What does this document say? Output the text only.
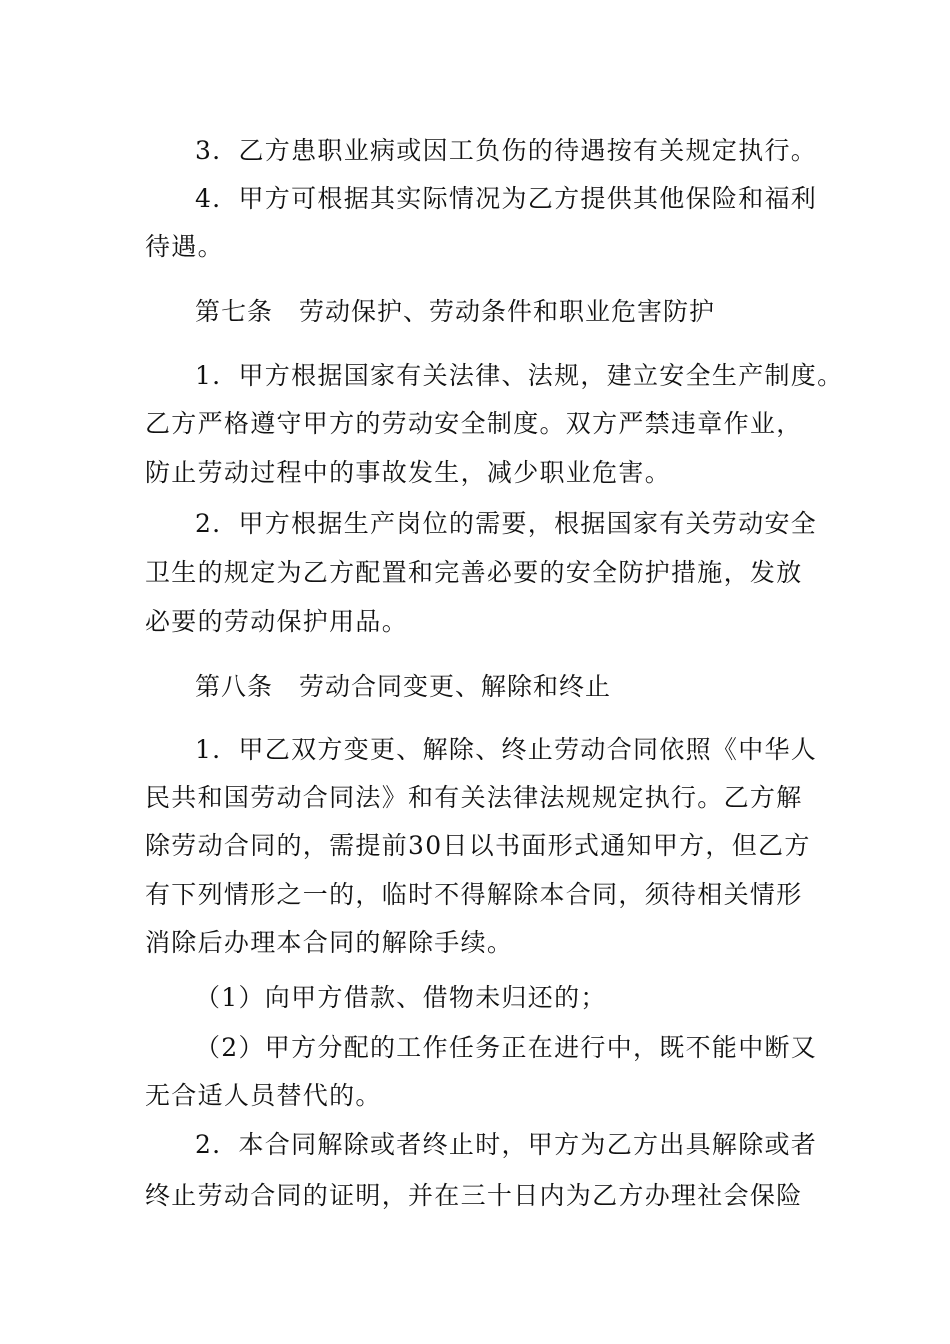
3．乙方患职业病或因工负伤的待遇按有关规定执行。
4．甲方可根据其实际情况为乙方提供其他保险和福利
待遇。
第七条　劳动保护、劳动条件和职业危害防护
1．甲方根据国家有关法律、法规，建立安全生产制度。
乙方严格遵守甲方的劳动安全制度。双方严禁违章作业，
防止劳动过程中的事故发生，减少职业危害。
2．甲方根据生产岗位的需要，根据国家有关劳动安全
卫生的规定为乙方配置和完善必要的安全防护措施，发放
必要的劳动保护用品。
第八条　劳动合同变更、解除和终止
1．甲乙双方变更、解除、终止劳动合同依照《中华人
民共和国劳动合同法》和有关法律法规规定执行。乙方解
除劳动合同的，需提前30日以书面形式通知甲方，但乙方
有下列情形之一的，临时不得解除本合同，须待相关情形
消除后办理本合同的解除手续。
（1）向甲方借款、借物未归还的；
（2）甲方分配的工作任务正在进行中，既不能中断又
无合适人员替代的。
2．本合同解除或者终止时，甲方为乙方出具解除或者
终止劳动合同的证明，并在三十日内为乙方办理社会保险
